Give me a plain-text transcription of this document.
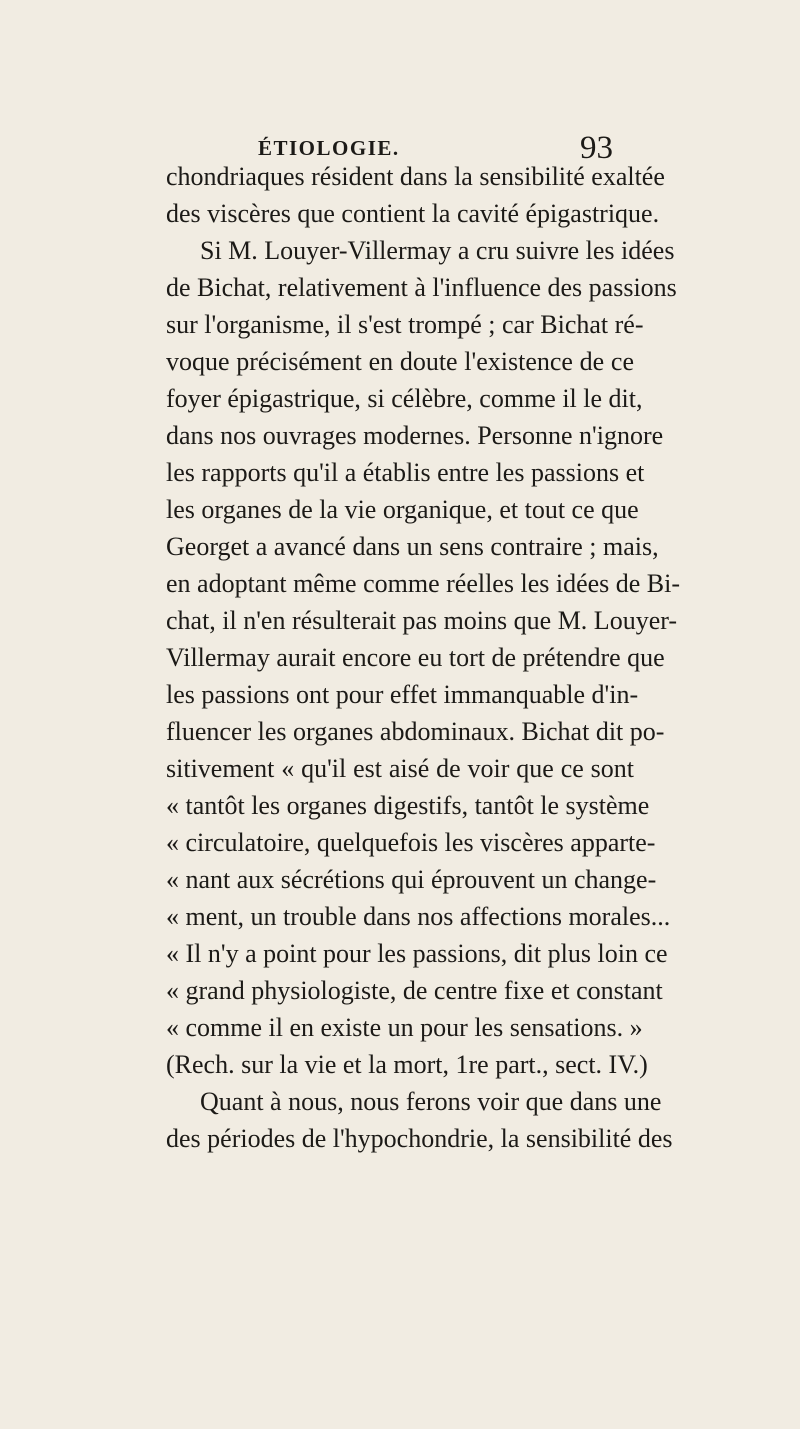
ÉTIOLOGIE.	93
chondriaques résident dans la sensibilité exaltée
des viscères que contient la cavité épigastrique.
Si M. Louyer-Villermay a cru suivre les idées
de Bichat, relativement à l'influence des passions
sur l'organisme, il s'est trompé ; car Bichat ré-
voque précisément en doute l'existence de ce
foyer épigastrique, si célèbre, comme il le dit,
dans nos ouvrages modernes. Personne n'ignore
les rapports qu'il a établis entre les passions et
les organes de la vie organique, et tout ce que
Georget a avancé dans un sens contraire ; mais,
en adoptant même comme réelles les idées de Bi-
chat, il n'en résulterait pas moins que M. Louyer-
Villermay aurait encore eu tort de prétendre que
les passions ont pour effet immanquable d'in-
fluencer les organes abdominaux. Bichat dit po-
sitivement « qu'il est aisé de voir que ce sont
« tantôt les organes digestifs, tantôt le système
« circulatoire, quelquefois les viscères apparte-
« nant aux sécrétions qui éprouvent un change-
« ment, un trouble dans nos affections morales...
« Il n'y a point pour les passions, dit plus loin ce
« grand physiologiste, de centre fixe et constant
« comme il en existe un pour les sensations. »
(Rech. sur la vie et la mort, 1re part., sect. IV.)
Quant à nous, nous ferons voir que dans une
des périodes de l'hypochondrie, la sensibilité des
